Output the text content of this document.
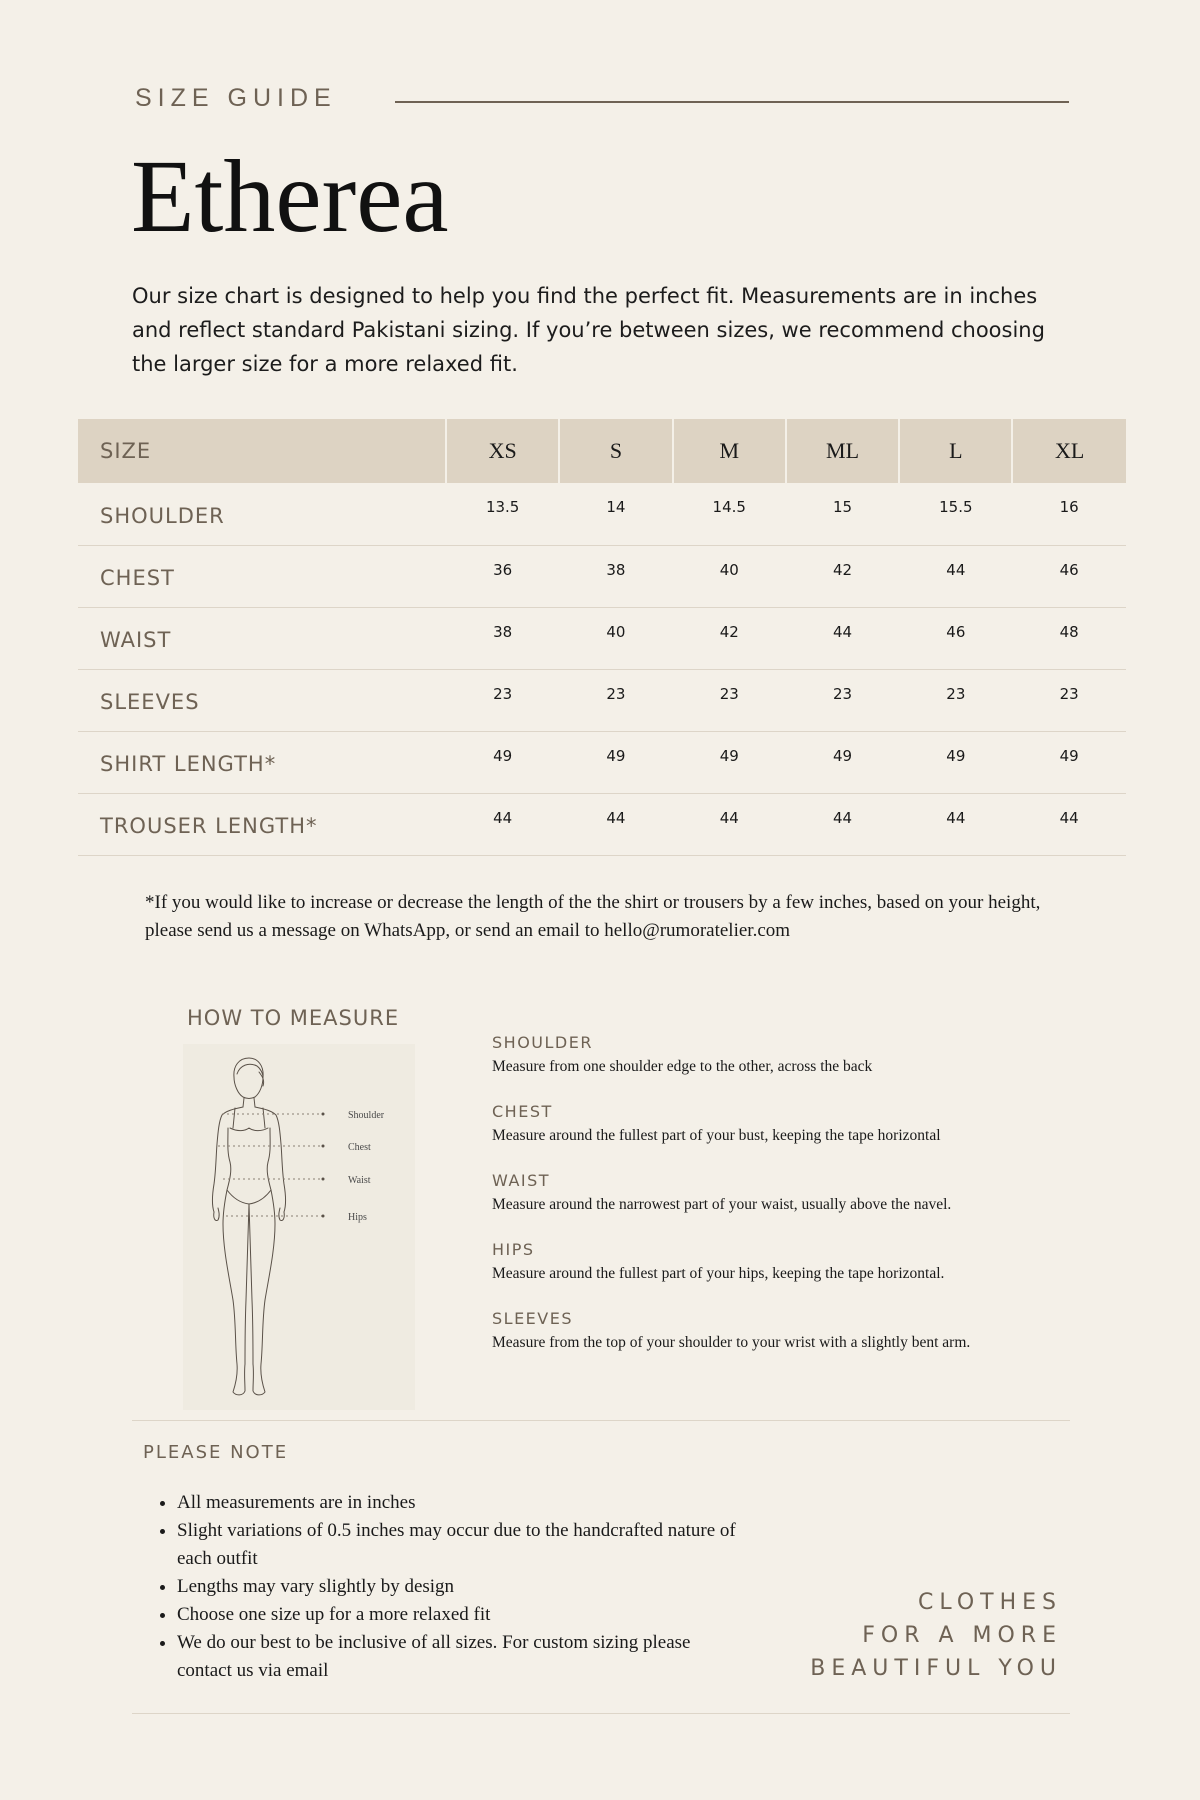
SIZE GUIDE

Etherea

Our size chart is designed to help you find the perfect fit. Measurements are in inches and reflect standard Pakistani sizing. If you’re between sizes, we recommend choosing the larger size for a more relaxed fit.

SIZE	XS	S	M	ML	L	XL
SHOULDER	13.5	14	14.5	15	15.5	16
CHEST	36	38	40	42	44	46
WAIST	38	40	42	44	46	48
SLEEVES	23	23	23	23	23	23
SHIRT LENGTH*	49	49	49	49	49	49
TROUSER LENGTH*	44	44	44	44	44	44

*If you would like to increase or decrease the length of the the shirt or trousers by a few inches, based on your height, please send us a message on WhatsApp, or send an email to hello@rumoratelier.com

HOW TO MEASURE
Shoulder
Chest
Waist
Hips
SHOULDER
Measure from one shoulder edge to the other, across the back
CHEST
Measure around the fullest part of your bust, keeping the tape horizontal
WAIST
Measure around the narrowest part of your waist, usually above the navel.
HIPS
Measure around the fullest part of your hips, keeping the tape horizontal.
SLEEVES
Measure from the top of your shoulder to your wrist with a slightly bent arm.
PLEASE NOTE
• All measurements are in inches
• Slight variations of 0.5 inches may occur due to the handcrafted nature of each outfit
• Lengths may vary slightly by design
• Choose one size up for a more relaxed fit
• We do our best to be inclusive of all sizes. For custom sizing please contact us via email

CLOTHES
FOR A MORE
BEAUTIFUL YOU
